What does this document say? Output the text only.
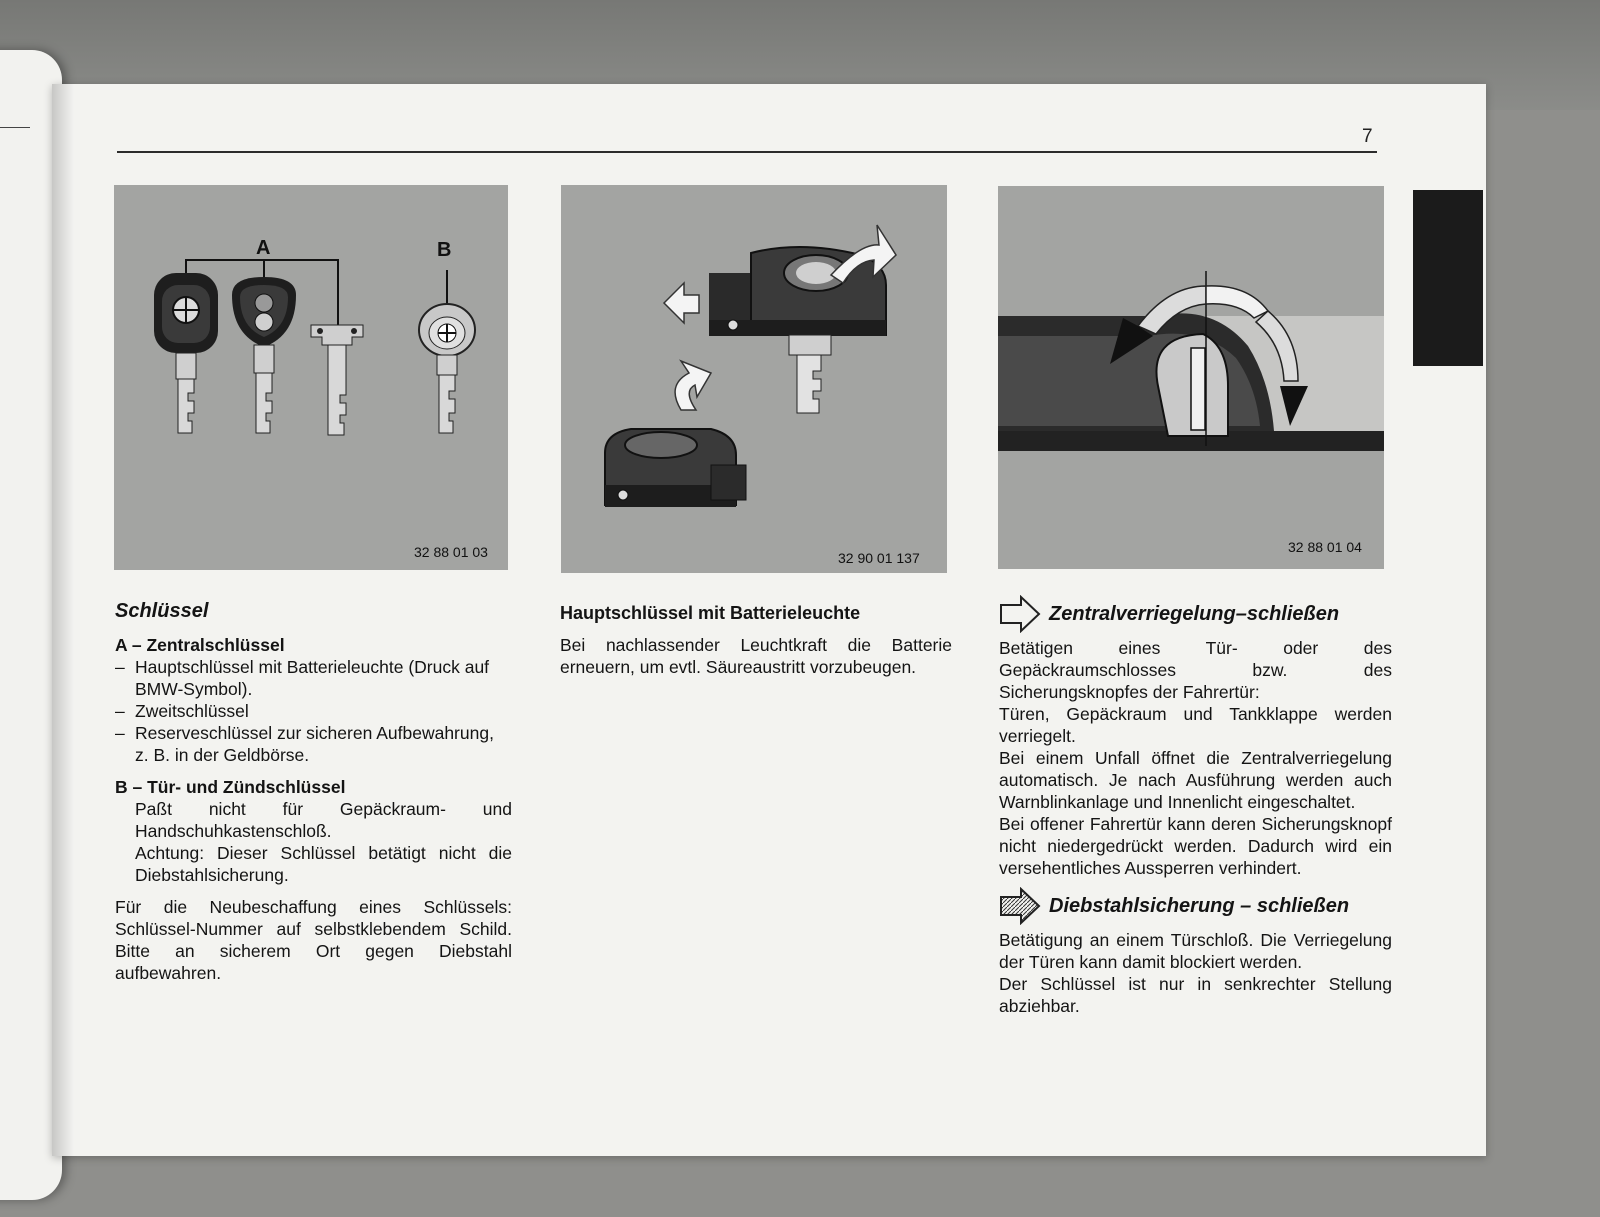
7
A	B
32 88 01 03	32 90 01 137
32 88 01 04

Schlüssel

A – Zentralschlüssel

– Hauptschlüssel mit Batterieleuchte (Druck auf BMW-Symbol).
– Zweitschlüssel
– Reserveschlüssel zur sicheren Aufbewahrung, z. B. in der Geldbörse.

B – Tür- und Zündschlüssel

Paßt nicht für Gepäckraum- und Handschuhkastenschloß.

Achtung: Dieser Schlüssel betätigt nicht die Diebstahlsicherung.

Für die Neubeschaffung eines Schlüssels: Schlüssel-Nummer auf selbstklebendem Schild. Bitte an sicherem Ort gegen Diebstahl aufbewahren.

Hauptschlüssel mit Batterieleuchte

Bei nachlassender Leuchtkraft die Batterie erneuern, um evtl. Säureaustritt vorzubeugen.

Zentralverriegelung–schließen

Betätigen eines Tür- oder des Gepäckraumschlosses bzw. des Sicherungsknopfes der Fahrertür:

Türen, Gepäckraum und Tankklappe werden verriegelt.

Bei einem Unfall öffnet die Zentralverriegelung automatisch. Je nach Ausführung werden auch Warnblinkanlage und Innenlicht eingeschaltet.

Bei offener Fahrertür kann deren Sicherungsknopf nicht niedergedrückt werden. Dadurch wird ein versehentliches Aussperren verhindert.

Diebstahlsicherung – schließen

Betätigung an einem Türschloß. Die Verriegelung der Türen kann damit blockiert werden.

Der Schlüssel ist nur in senkrechter Stellung abziehbar.
